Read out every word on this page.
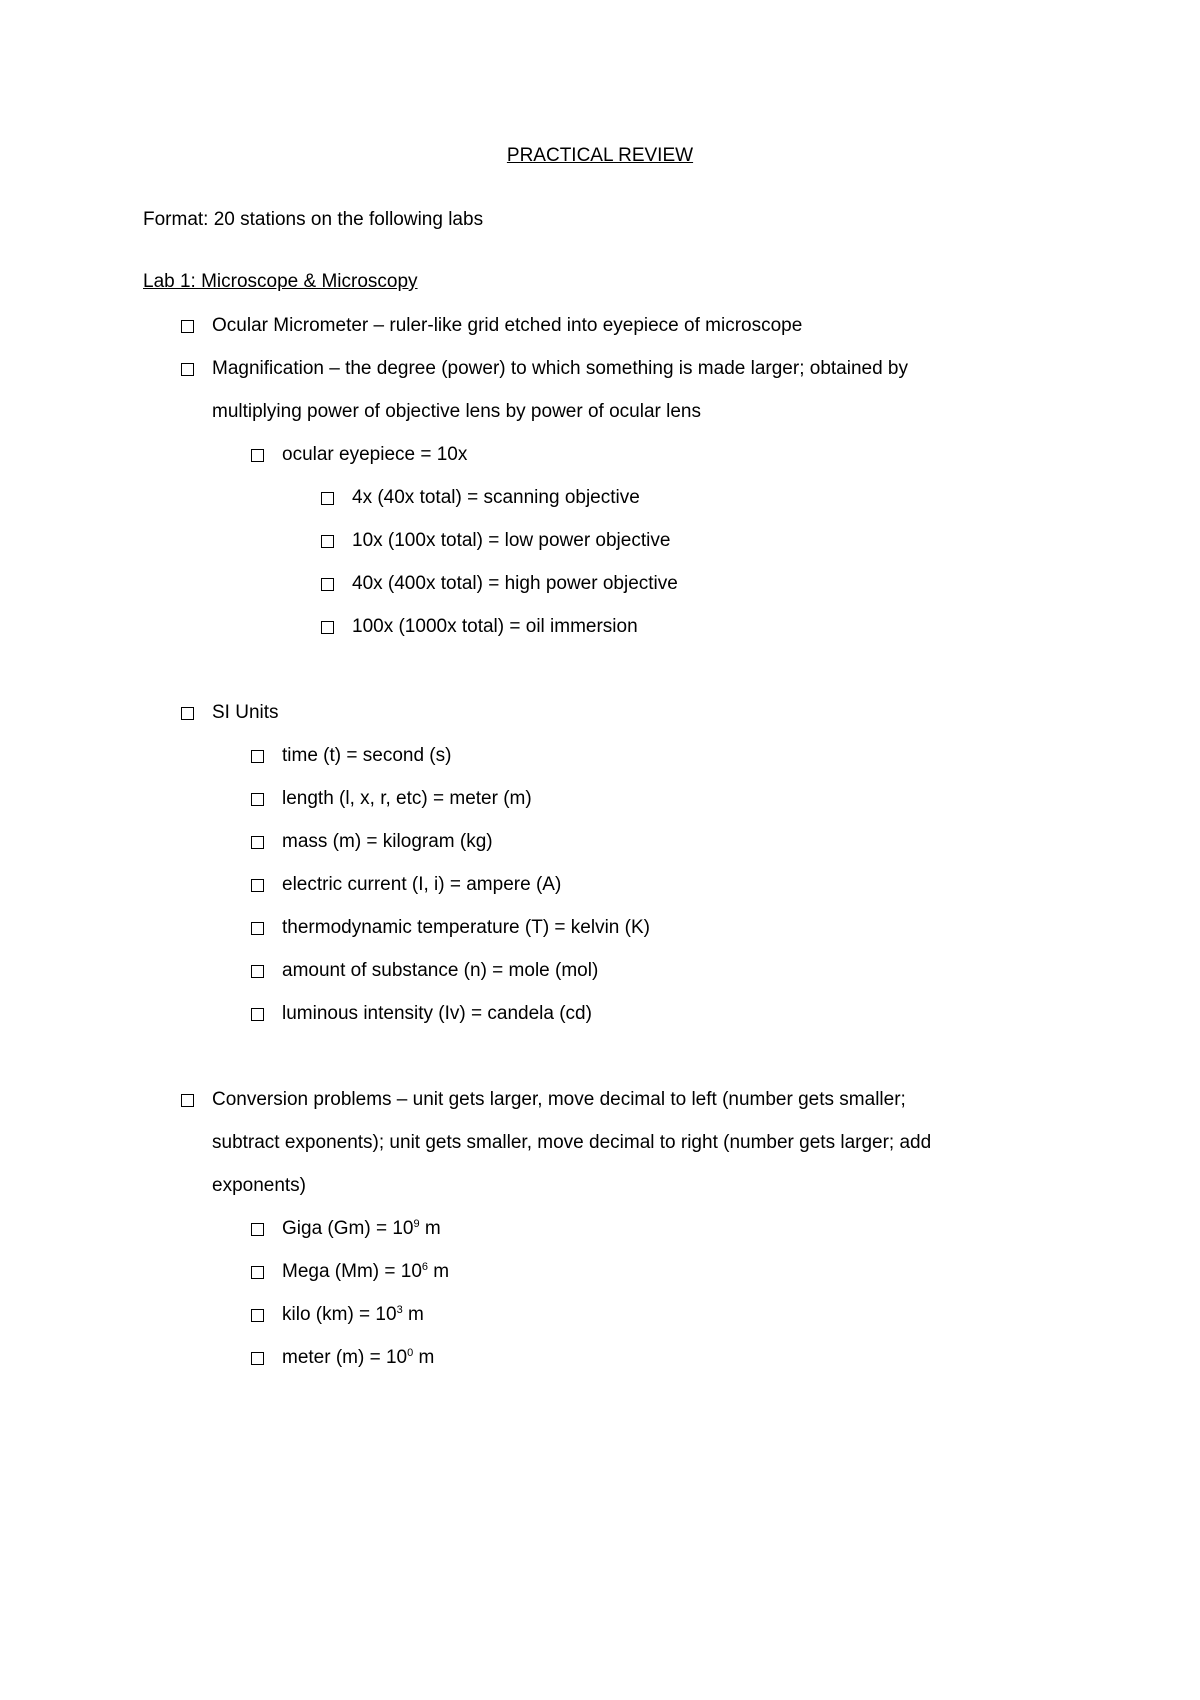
PRACTICAL REVIEW
Format: 20 stations on the following labs
Lab 1: Microscope & Microscopy
Ocular Micrometer – ruler-like grid etched into eyepiece of microscope
Magnification – the degree (power) to which something is made larger; obtained by
multiplying power of objective lens by power of ocular lens
ocular eyepiece = 10x
4x (40x total) = scanning objective
10x (100x total) = low power objective
40x (400x total) = high power objective
100x (1000x total) = oil immersion
SI Units
time (t) = second (s)
length (l, x, r, etc) = meter (m)
mass (m) = kilogram (kg)
electric current (I, i) = ampere (A)
thermodynamic temperature (T) = kelvin (K)
amount of substance (n) = mole (mol)
luminous intensity (Iv) = candela (cd)
Conversion problems – unit gets larger, move decimal to left (number gets smaller;
subtract exponents); unit gets smaller, move decimal to right (number gets larger; add
exponents)
Giga $(Gm) = 10^9$ m
Mega $(Mm) = 10^6$ m
kilo $(km) = 10^3$ m
meter $(m) = 10^0$ m
